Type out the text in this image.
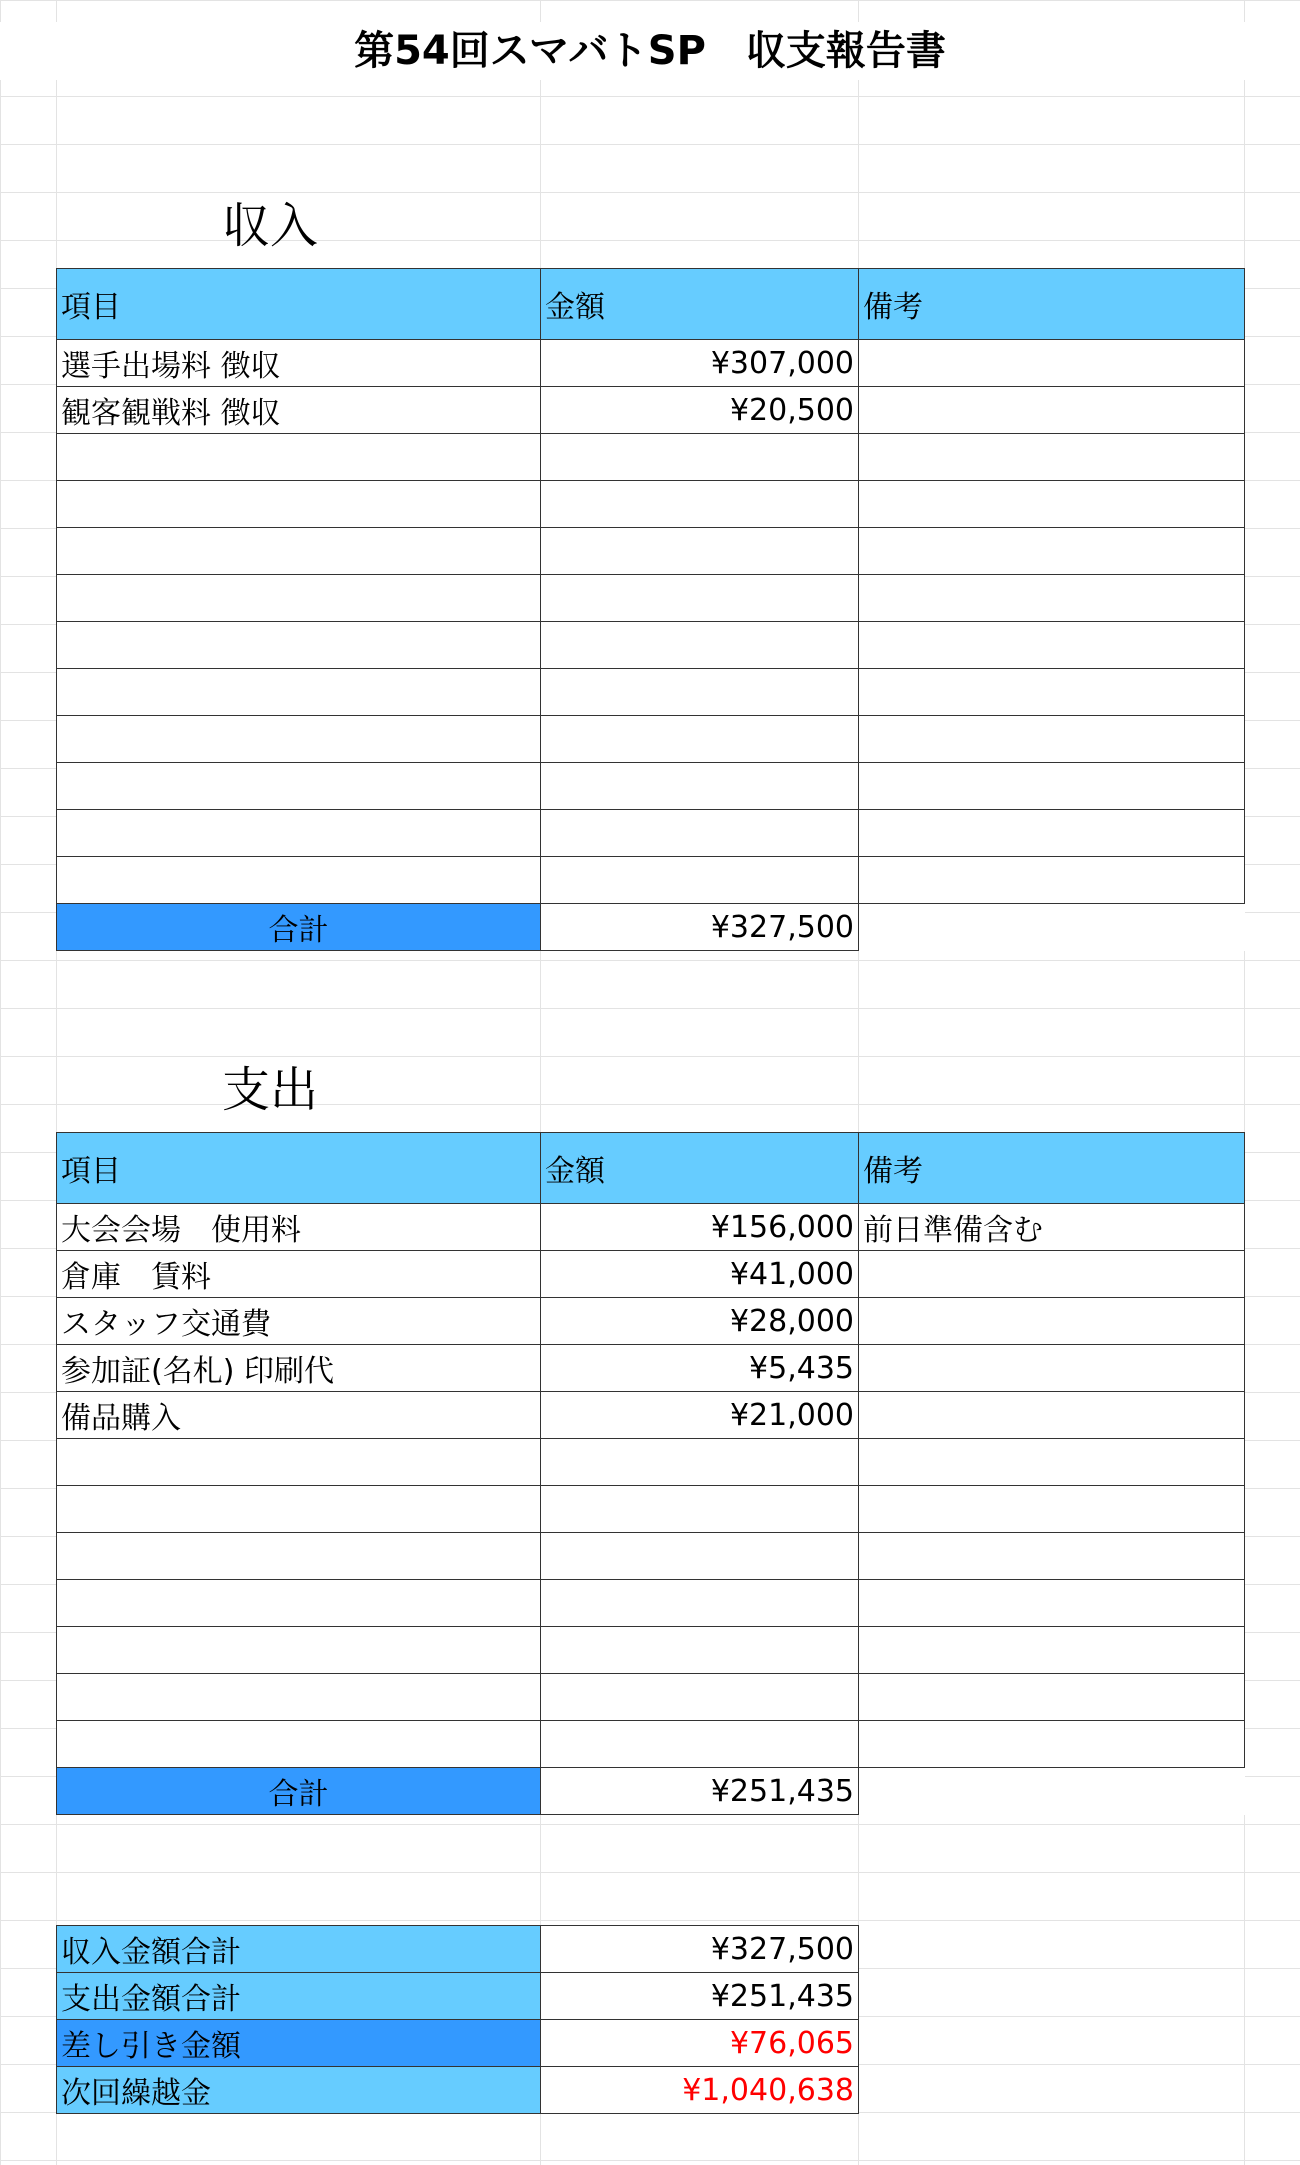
第54回スマバトSP　収支報告書
収入
項目	金額	備考
選手出場料 徴収	¥307,000	
観客観戦料 徴収	¥20,500	

合計	¥327,500	
支出
項目	金額	備考
大会会場　使用料	¥156,000	前日準備含む
倉庫　賃料	¥41,000	
スタッフ交通費	¥28,000	
参加証(名札) 印刷代	¥5,435	
備品購入	¥21,000	

合計	¥251,435	
収入金額合計	¥327,500
支出金額合計	¥251,435
差し引き金額	¥76,065
次回繰越金	¥1,040,638
